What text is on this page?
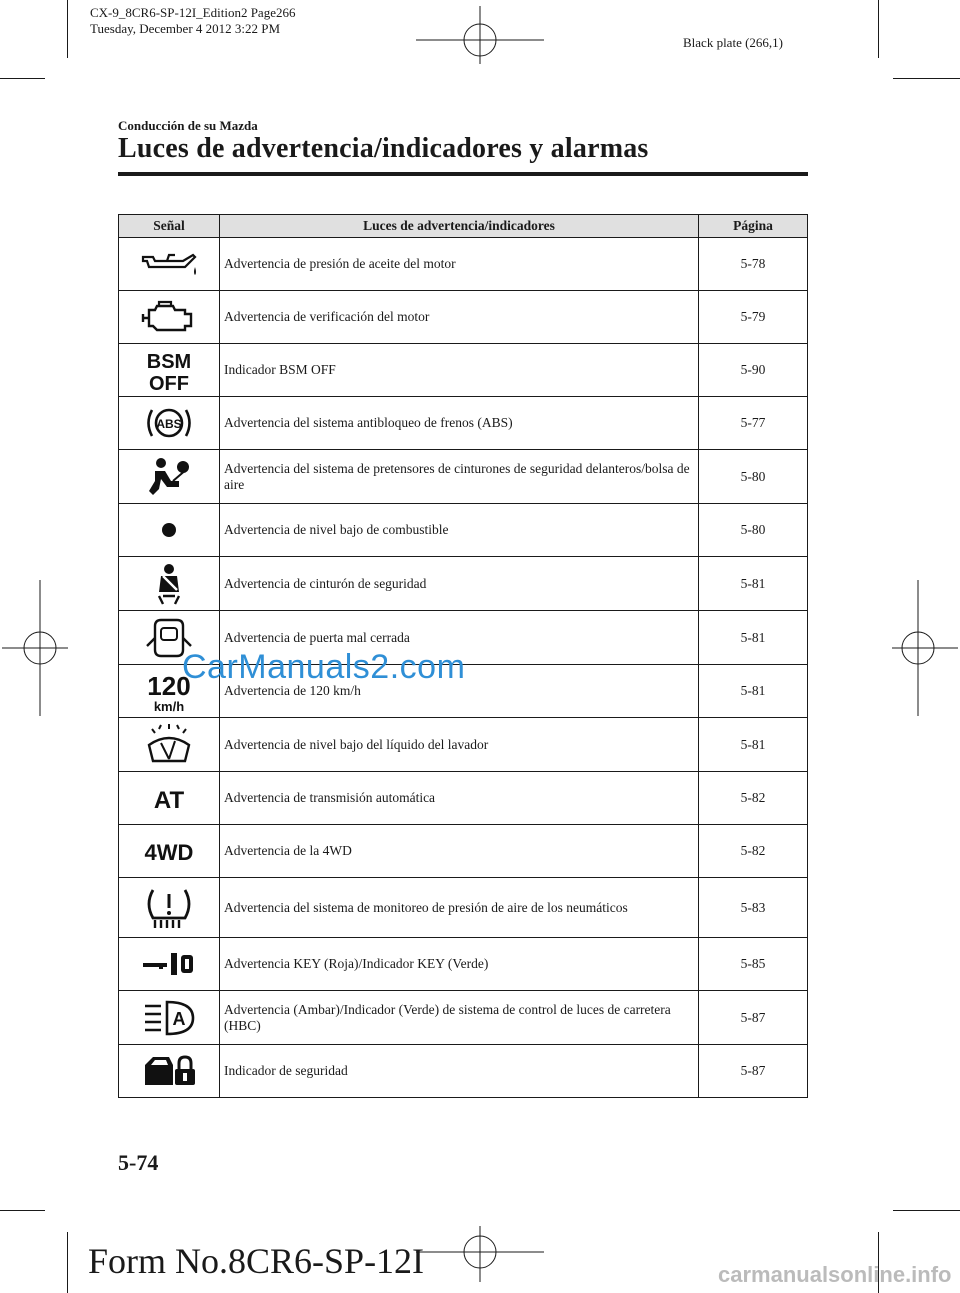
CX-9_8CR6-SP-12I_Edition2 Page266
Tuesday, December 4 2012 3:22 PM
Black plate (266,1)
Conducción de su Mazda
Luces de advertencia/indicadores y alarmas
Señal	Luces de advertencia/indicadores	Página

	Advertencia de presión de aceite del motor	5-78

	Advertencia de verificación del motor	5-79

BSM
OFF	Indicador BSM OFF	5-90

ABS	Advertencia del sistema antibloqueo de frenos (ABS)	5-77

	Advertencia del sistema de pretensores de cinturones de seguridad delanteros/bolsa de aire	5-80

	Advertencia de nivel bajo de combustible	5-80

	Advertencia de cinturón de seguridad	5-81

	Advertencia de puerta mal cerrada	5-81

120
km/h	Advertencia de 120 km/h	5-81

	Advertencia de nivel bajo del líquido del lavador	5-81

AT	Advertencia de transmisión automática	5-82

4WD	Advertencia de la 4WD	5-82

	Advertencia del sistema de monitoreo de presión de aire de los neumáticos	5-83

	Advertencia KEY (Roja)/Indicador KEY (Verde)	5-85

A	Advertencia (Ambar)/Indicador (Verde) de sistema de control de luces de carretera (HBC)	5-87

	Indicador de seguridad	5-87
CarManuals2.com
5-74
Form No.8CR6-SP-12I	carmanualsonline.info
